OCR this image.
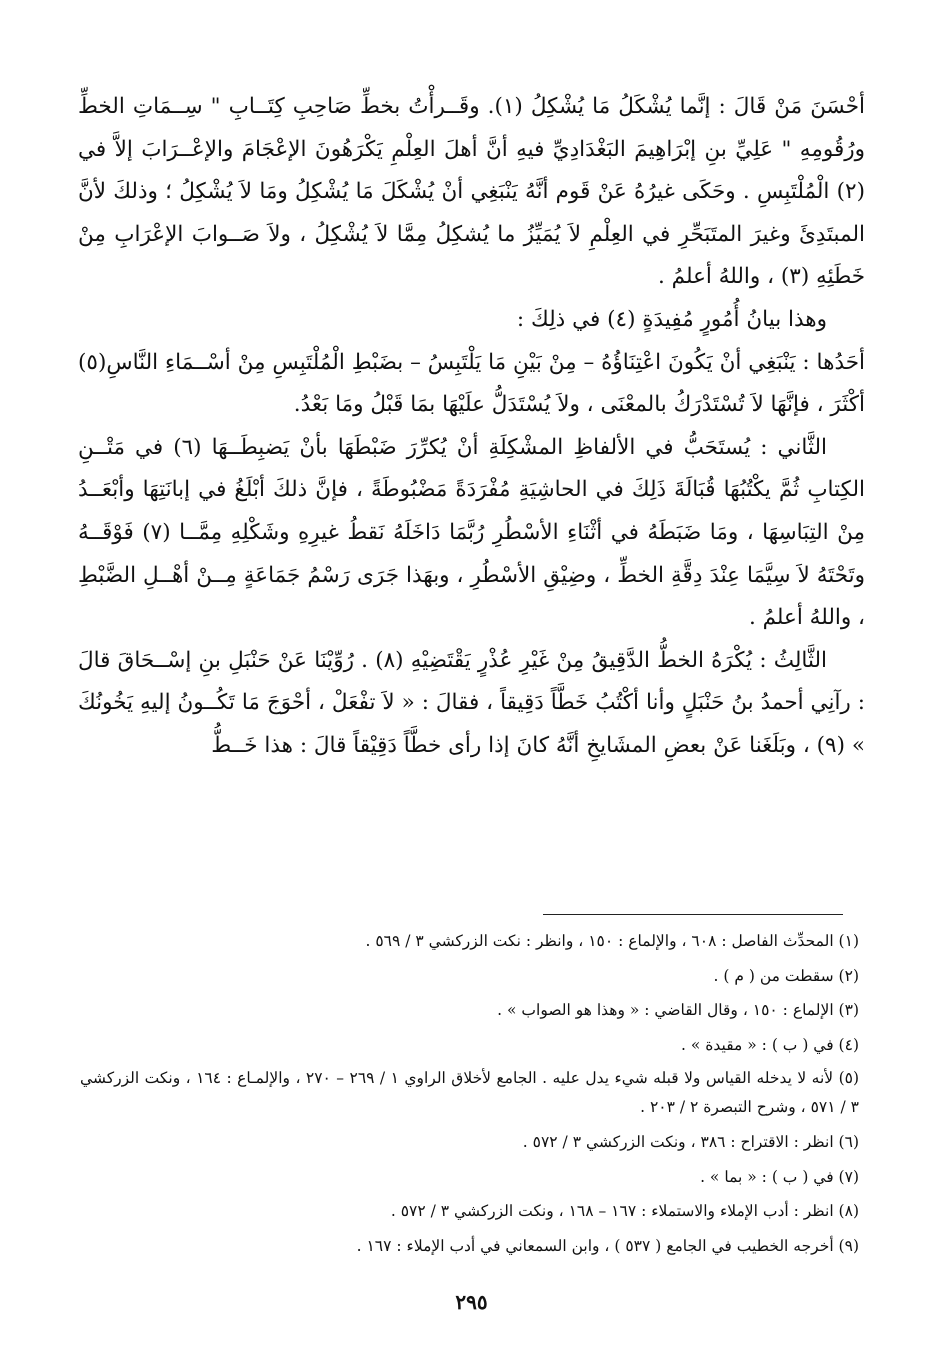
أحْسَنَ مَنْ قَالَ : إنَّما يُشْكَلُ مَا يُشْكِلُ (١). وقَــرأْتُ بخطِّ صَاحِبِ كِتَــابِ " سِــمَاتِ الخطِّ ورُقُومِهِ " عَلِيِّ بنِ إبْرَاهِيمَ البَغْدَادِيِّ فيهِ أنَّ أهلَ العِلْمِ يَكْرَهُونَ الإعْجَامَ والإعْــرَابَ إلاَّ في (٢) الْمُلْتَبِسِ . وحَكَى غيرُهُ عَنْ قَوم أنَّهُ يَنْبَغِي أنْ يُشْكَلَ مَا يُشْكِلُ ومَا لاَ يُشْكِلُ ؛ وذلكَ لأنَّ المبتَدِئَ وغيرَ المتَبَحِّرِ في العِلْمِ لاَ يُمَيِّزُ ما يُشكِلُ مِمَّا لاَ يُشْكِلُ ، ولاَ صَــوابَ الإعْرَابِ مِنْ خَطَئِهِ (٣) ، واللهُ أعلمُ .

وهذا بيانُ أُمُورٍ مُفِيدَةٍ (٤) في ذلِكَ :

أحَدُها : يَنْبَغِي أنْ يَكُونَ اعْتِنَاؤُهُ – مِنْ بَيْنِ مَا يَلْتَبِسُ – بضَبْطِ الْمُلْتَبِسِ مِنْ أسْــمَاءِ النَّاسِ(٥) أكْثَرَ ، فإنَّهَا لاَ تُسْتَدْرَكُ بالمعْنَى ، ولاَ يُسْتَدَلُّ علَيْهَا بمَا قَبْلُ ومَا بَعْدُ.

الثَّاني : يُستَحَبُّ في الألفاظِ المشْكِلَةِ أنْ يُكرِّرَ ضَبْطَهَا بأنْ يَضبِطَــهَا (٦) في مَتْــنِ الكِتابِ ثُمَّ يكْتُبُهَا قُبَالَةَ ذَلِكَ في الحاشِيَةِ مُفْرَدَةً مَضْبُوطَةً ، فإنَّ ذلكَ أبْلَغُ في إبانَتِهَا وأبْعَــدُ مِنْ التِبَاسِهَا ، ومَا ضَبَطَهُ في أثْنَاءِ الأسْطُرِ رُبَّمَا دَاخَلَهُ نَقطُ غيرِهِ وشَكْلِهِ مِمَّــا (٧) فَوْقَــهُ وتَحْتَهُ لاَ سِيَّمَا عِنْدَ دِقَّةِ الخطِّ ، وضِيْقِ الأسْطُرِ ، وبهَذا جَرَى رَسْمُ جَمَاعَةٍ مِــنْ أهْــلِ الضَّبْطِ ، واللهُ أعلمُ .

الثَّالِثُ : يُكْرَهُ الخطُّ الدَّقِيقُ مِنْ غَيْرِ عُذْرٍ يَقْتَضِيْهِ (٨) . رُوِّيْنَا عَنْ حَنْبَلِ بنِ إسْــحَاقَ قالَ : رآنِي أحمدُ بنُ حَنْبَلٍ وأنا أكْتُبُ خَطَّاً دَقِيقاً ، فقالَ : « لاَ تفْعَلْ ، أحْوَجَ مَا تَكُــونُ إليهِ يَخُونُكَ » (٩) ، وبَلَغَنا عَنْ بعضِ المشَايخِ أنَّهُ كانَ إذا رأى خطَّاً دَقِيْقاً قالَ : هذا خَــطُّ

(١) المحدِّث الفاصل : ٦٠٨ ، والإلماع : ١٥٠ ، وانظر : نكت الزركشي ٣ / ٥٦٩ .

(٢) سقطت من ( م ) .

(٣) الإلماع : ١٥٠ ، وقال القاضي : « وهذا هو الصواب » .

(٤) في ( ب ) : « مقيدة » .

(٥) لأنه لا يدخله القياس ولا قبله شيء يدل عليه . الجامع لأخلاق الراوي ١ / ٢٦٩ – ٢٧٠ ، والإلمـاع : ١٦٤ ، ونكت الزركشي ٣ / ٥٧١ ، وشرح التبصرة ٢ / ٢٠٣ .

(٦) انظر : الاقتراح : ٣٨٦ ، ونكت الزركشي ٣ / ٥٧٢ .

(٧) في ( ب ) : « بما » .

(٨) انظر : أدب الإملاء والاستملاء : ١٦٧ – ١٦٨ ، ونكت الزركشي ٣ / ٥٧٢ .

(٩) أخرجه الخطيب في الجامع ( ٥٣٧ ) ، وابن السمعاني في أدب الإملاء : ١٦٧ .

٢٩٥
